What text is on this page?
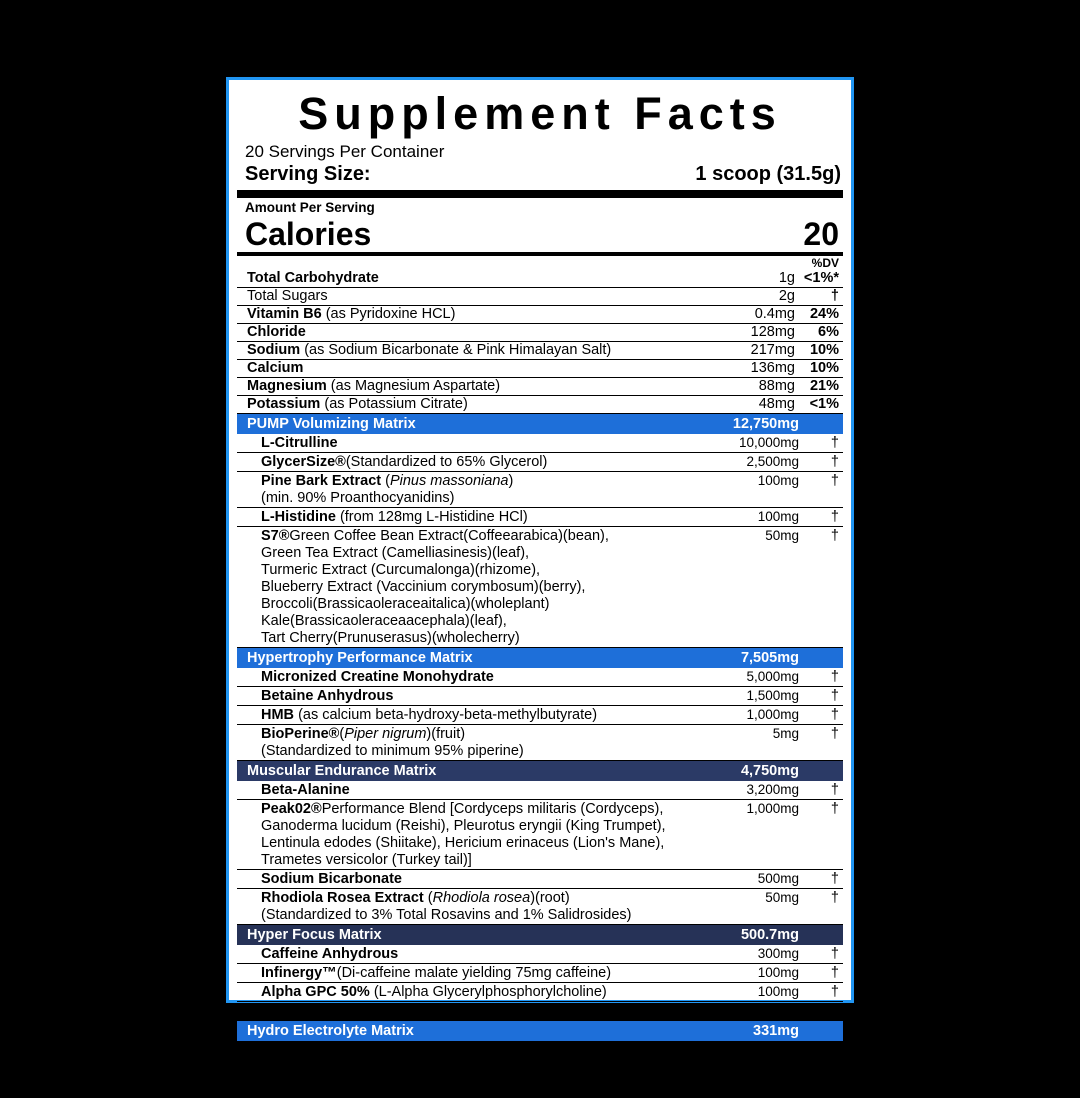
Supplement Facts
20 Servings Per Container
Serving Size:	1 scoop (31.5g)
Amount Per Serving
Calories	20
%DV
Total Carbohydrate	1g	<1%*
Total Sugars	2g	†
Vitamin B6 (as Pyridoxine HCL)	0.4mg	24%
Chloride	128mg	6%
Sodium (as Sodium Bicarbonate & Pink Himalayan Salt)	217mg	10%
Calcium	136mg	10%
Magnesium (as Magnesium Aspartate)	88mg	21%
Potassium (as Potassium Citrate)	48mg	<1%
PUMP Volumizing Matrix	12,750mg	
L-Citrulline	10,000mg	†
GlycerSize®(Standardized to 65% Glycerol)	2,500mg	†
Pine Bark Extract (Pinus massoniana)	100mg	†
(min. 90% Proanthocyanidins)		
L-Histidine (from 128mg L-Histidine HCl)	100mg	†
S7®Green Coffee Bean Extract(Coffeearabica)(bean),	50mg	†
Green Tea Extract (Camelliasinesis)(leaf),		
Turmeric Extract (Curcumalonga)(rhizome),		
Blueberry Extract (Vaccinium corymbosum)(berry),		
Broccoli(Brassicaoleraceaitalica)(wholeplant)		
Kale(Brassicaoleraceaacephala)(leaf),		
Tart Cherry(Prunuserasus)(wholecherry)		
Hypertrophy Performance Matrix	7,505mg	
Micronized Creatine Monohydrate	5,000mg	†
Betaine Anhydrous	1,500mg	†
HMB (as calcium beta-hydroxy-beta-methylbutyrate)	1,000mg	†
BioPerine®(Piper nigrum)(fruit)	5mg	†
(Standardized to minimum 95% piperine)		
Muscular Endurance Matrix	4,750mg	
Beta-Alanine	3,200mg	†
Peak02®Performance Blend [Cordyceps militaris (Cordyceps),	1,000mg	†
Ganoderma lucidum (Reishi), Pleurotus eryngii (King Trumpet),		
Lentinula edodes (Shiitake), Hericium erinaceus (Lion's Mane),		
Trametes versicolor (Turkey tail)]		
Sodium Bicarbonate	500mg	†
Rhodiola Rosea Extract (Rhodiola rosea)(root)	50mg	†
(Standardized to 3% Total Rosavins and 1% Salidrosides)		
Hyper Focus Matrix	500.7mg	
Caffeine Anhydrous	300mg	†
Infinergy™(Di-caffeine malate yielding 75mg caffeine)	100mg	†
Alpha GPC 50% (L-Alpha Glycerylphosphorylcholine)	100mg	†
Huperzine A (Huperzia serrata)(whole herb)	200mcg	†
Hydro Electrolyte Matrix	331mg	
Pink Himalayan Salt	200mg	
Magnesium	88mg	
Potassium	48mg	
